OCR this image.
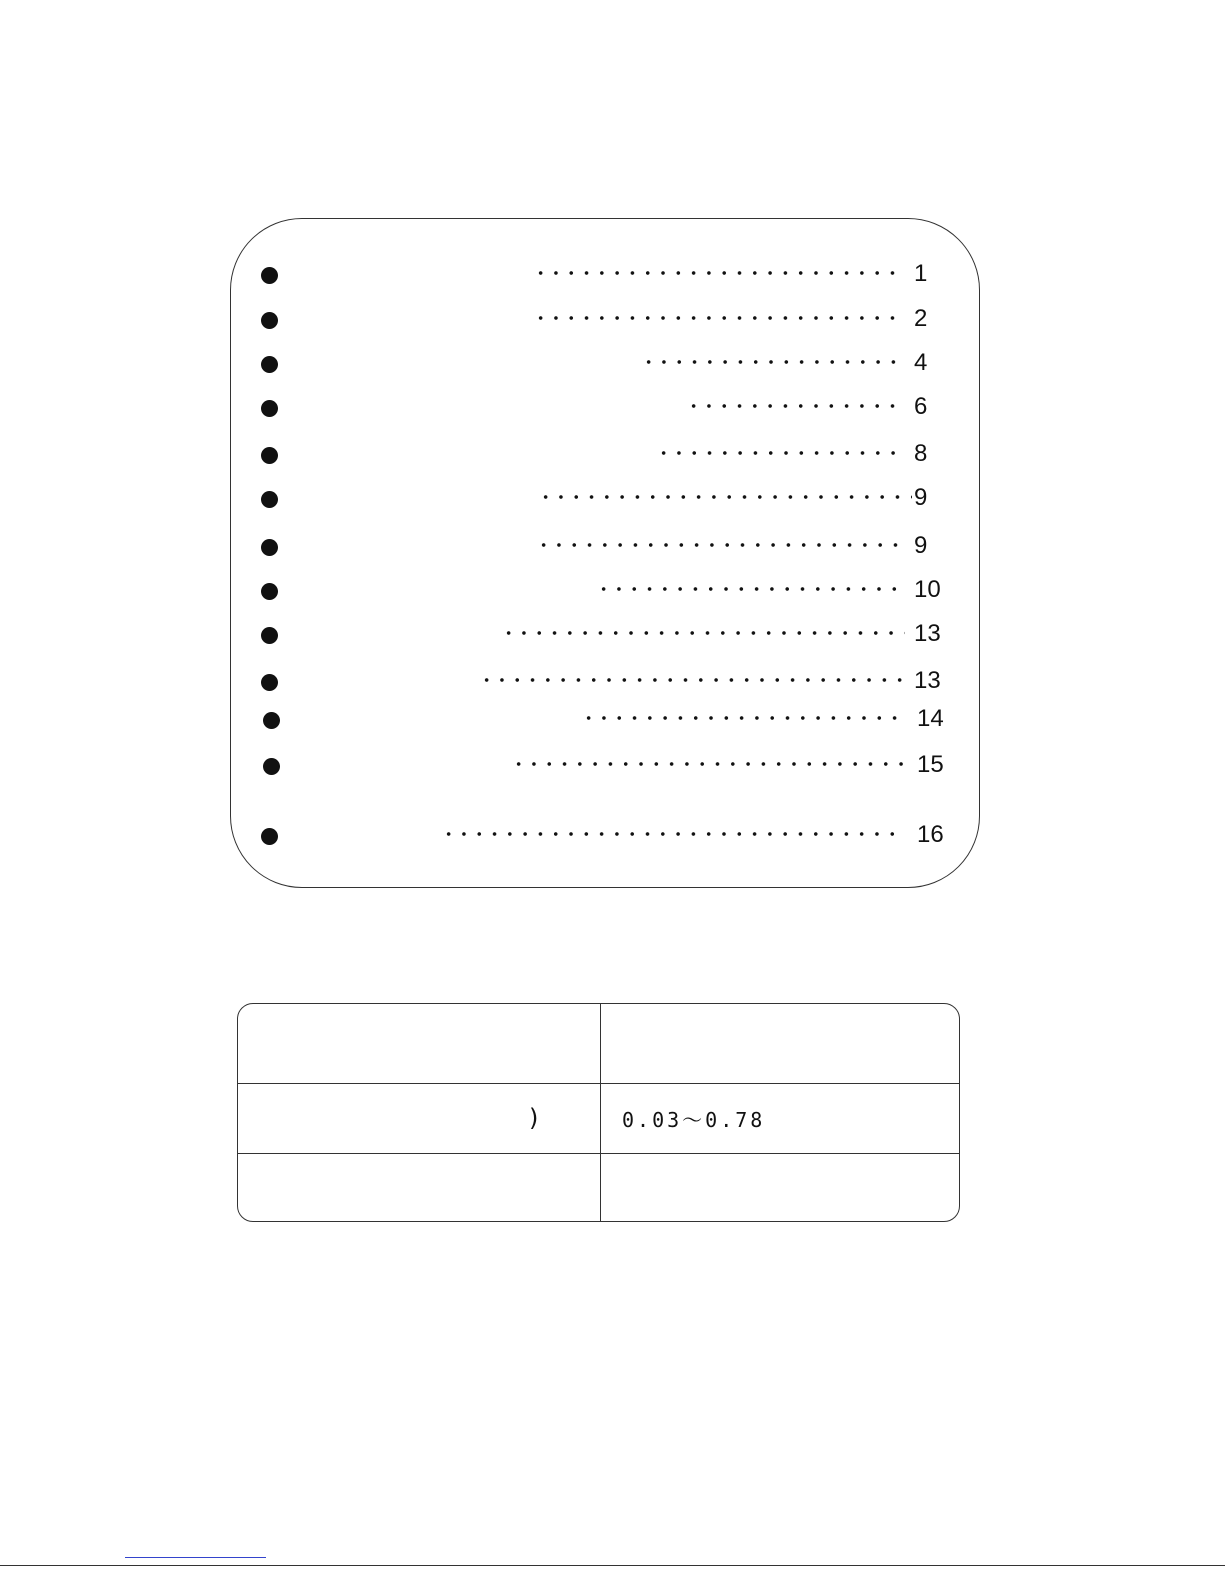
1
2
4
6
8
9
9
10
13
13
14
15
16
)	0.03～0.78
